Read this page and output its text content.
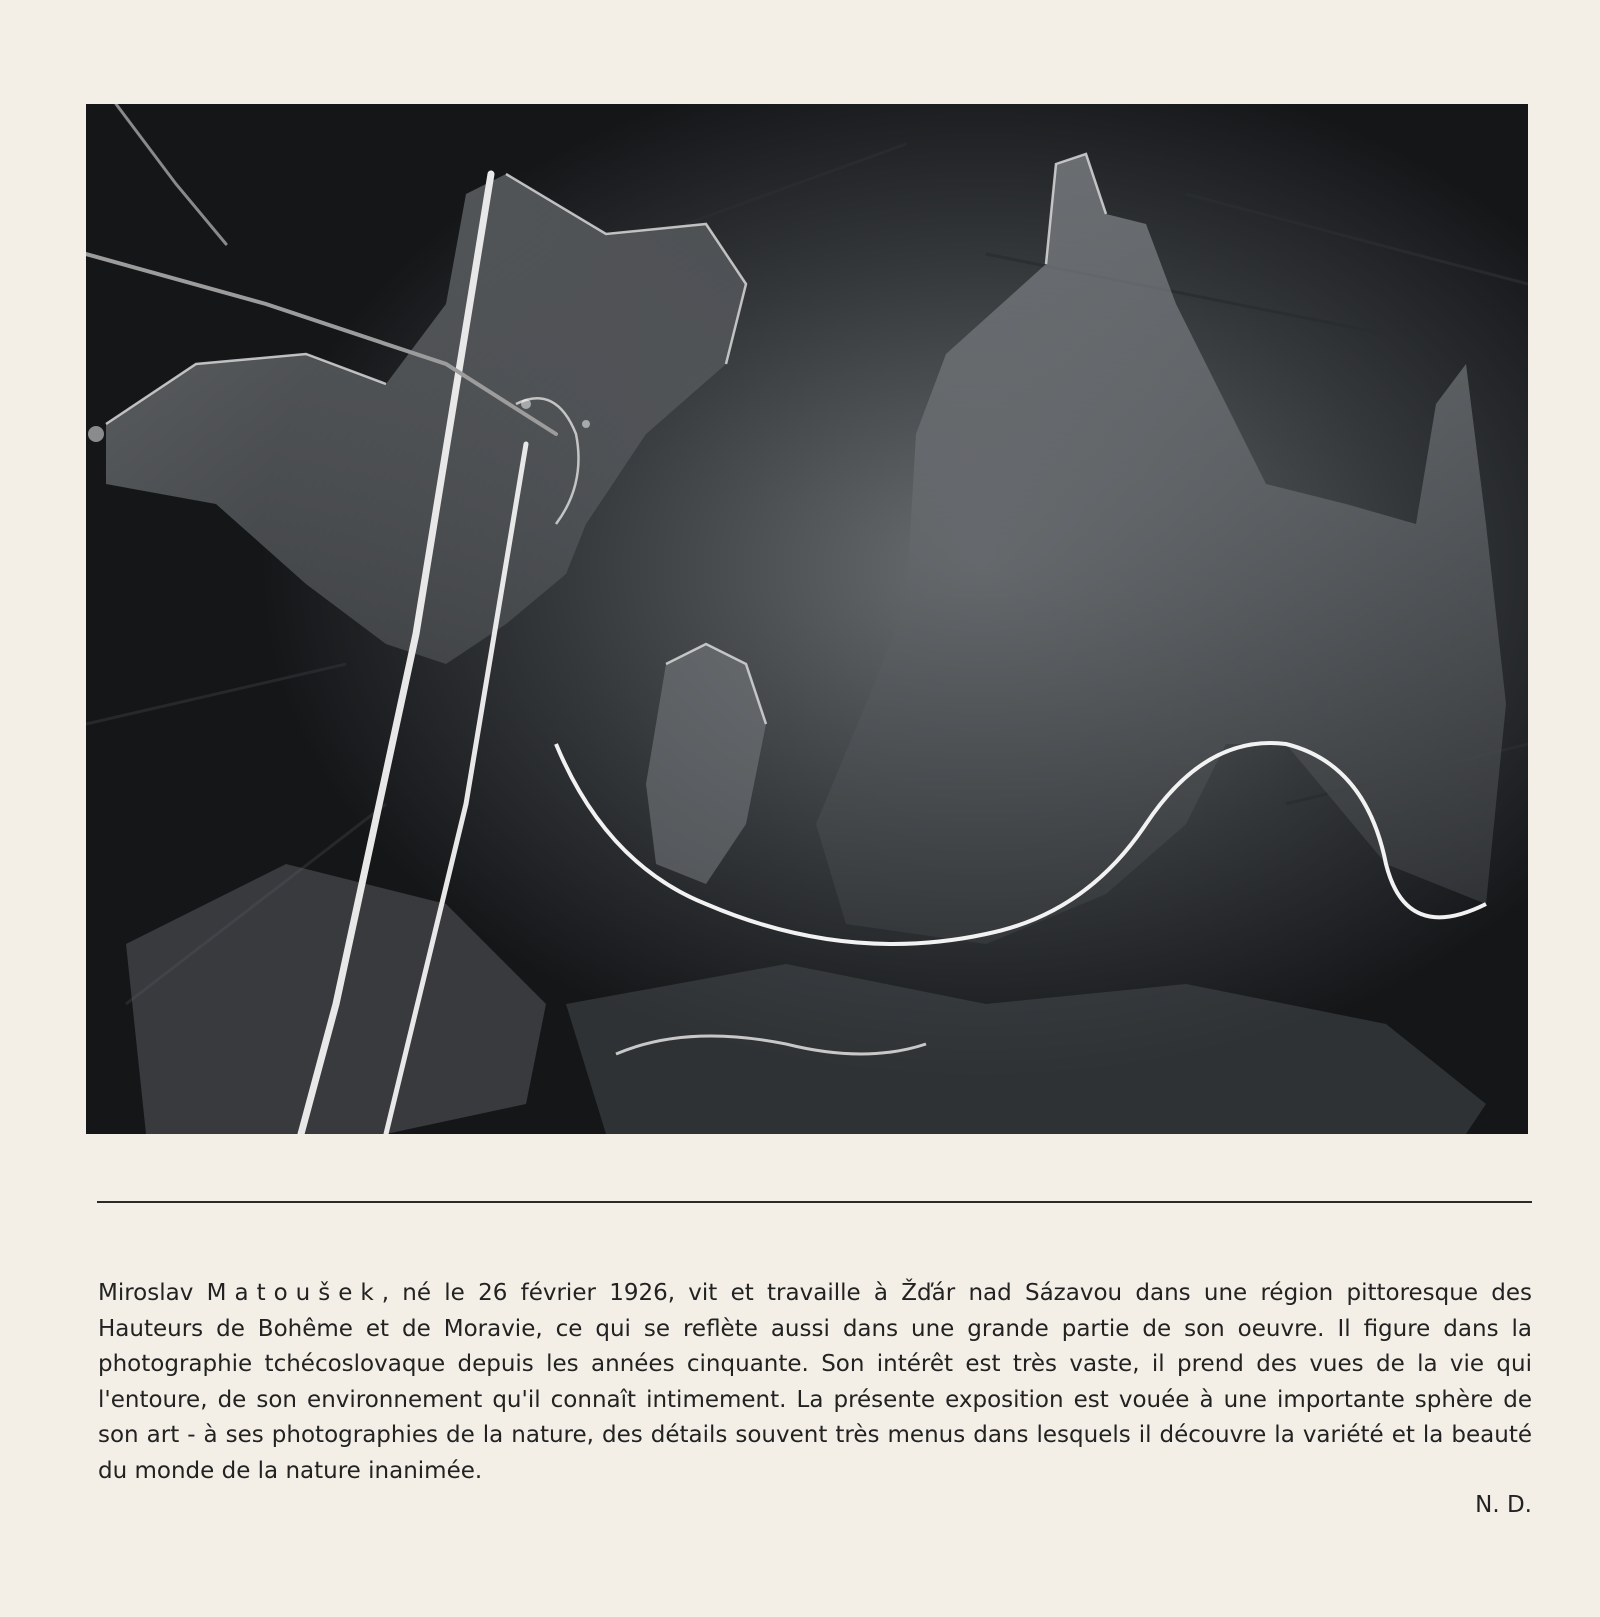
Miroslav Matoušek, né le 26 février 1926, vit et travaille à Žďár nad Sázavou dans une région pittoresque des Hauteurs de Bohême et de Moravie, ce qui se reflète aussi dans une grande partie de son oeuvre. Il figure dans la photographie tchécoslovaque depuis les années cinquante. Son intérêt est très vaste, il prend des vues de la vie qui l'entoure, de son environnement qu'il connaît intimement. La présente exposition est vouée à une importante sphère de son art - à ses photographies de la nature, des détails souvent très menus dans lesquels il découvre la variété et la beauté du monde de la nature inanimée.

N. D.
